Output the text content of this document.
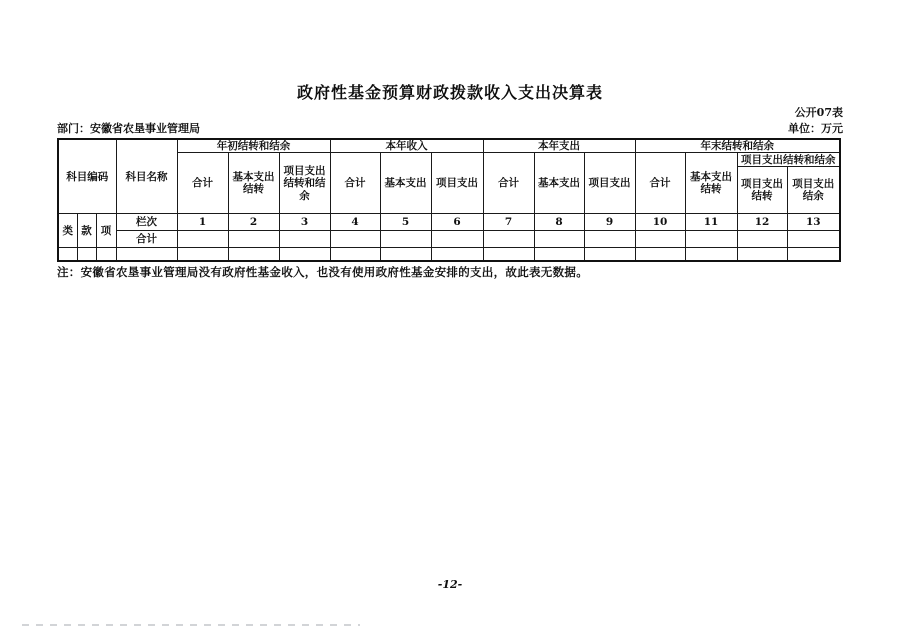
政府性基金预算财政拨款收入支出决算表
公开07表
部门：安徽省农垦事业管理局	单位：万元
科目编码			科目名称	年初结转和结余			本年收入			本年支出			年末结转和结余			
				合计	基本支出结转	项目支出结转和结余	合计	基本支出	项目支出	合计	基本支出	项目支出	合计	基本支出结转	项目支出结转和结余	
															项目支出结转	项目支出结余
类	款	项	栏次	1	2	3	4	5	6	7	8	9	10	11	12	13
			合计													

注：安徽省农垦事业管理局没有政府性基金收入，也没有使用政府性基金安排的支出，故此表无数据。
-12-
